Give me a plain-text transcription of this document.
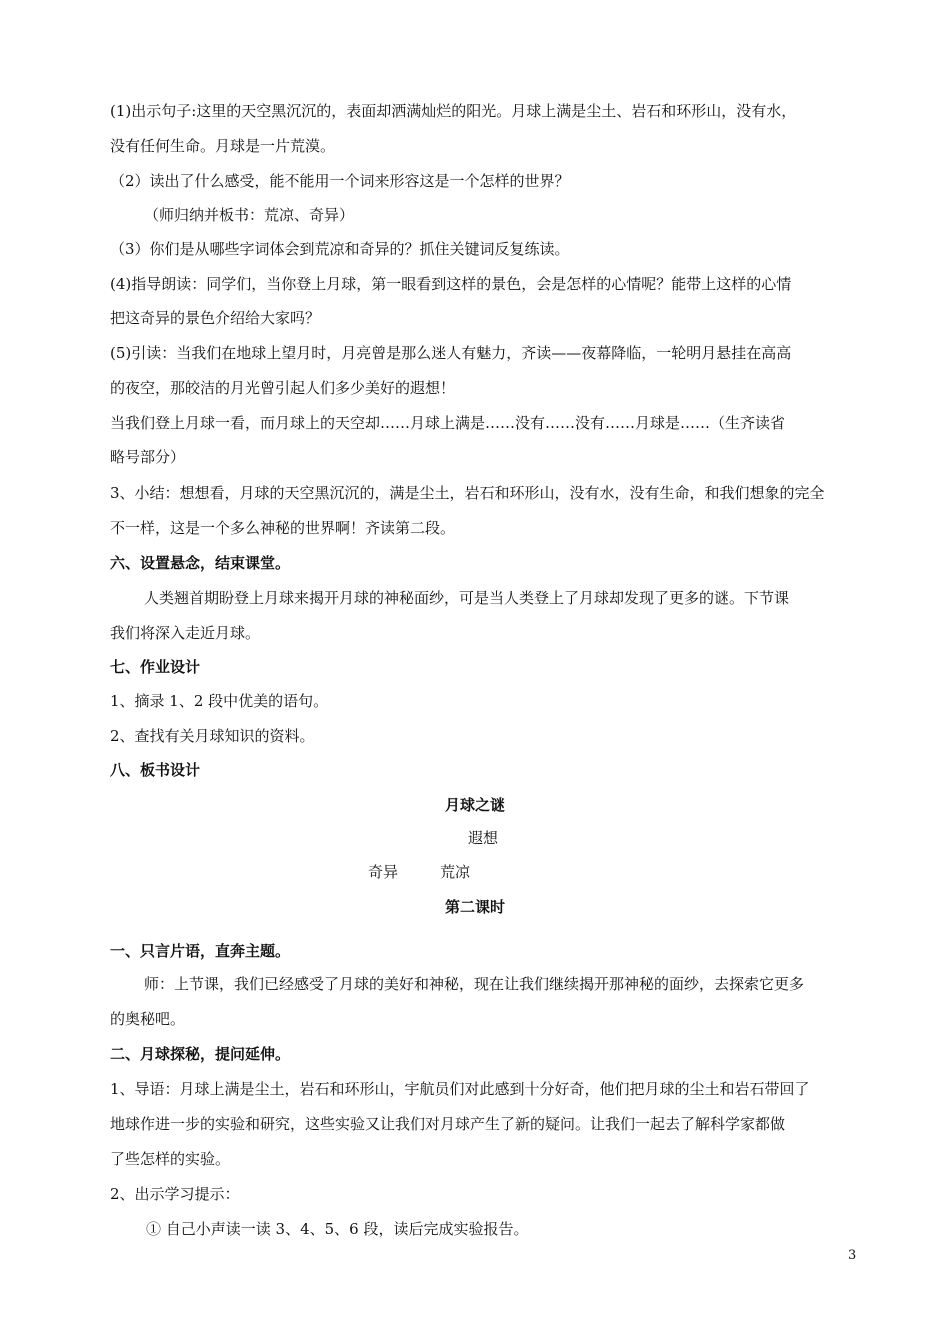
(1)出示句子:这里的天空黑沉沉的，表面却洒满灿烂的阳光。月球上满是尘土、岩石和环形山，没有水，
没有任何生命。月球是一片荒漠。
（2）读出了什么感受，能不能用一个词来形容这是一个怎样的世界？
（师归纳并板书：荒凉、奇异）
（3）你们是从哪些字词体会到荒凉和奇异的？抓住关键词反复练读。
(4)指导朗读：同学们，当你登上月球，第一眼看到这样的景色，会是怎样的心情呢？能带上这样的心情
把这奇异的景色介绍给大家吗？
(5)引读：当我们在地球上望月时，月亮曾是那么迷人有魅力，齐读——夜幕降临，一轮明月悬挂在高高
的夜空，那皎洁的月光曾引起人们多少美好的遐想！
当我们登上月球一看，而月球上的天空却……月球上满是……没有……没有……月球是……（生齐读省
略号部分）
3、小结：想想看，月球的天空黑沉沉的，满是尘土，岩石和环形山，没有水，没有生命，和我们想象的完全
不一样，这是一个多么神秘的世界啊！齐读第二段。
六、设置悬念，结束课堂。
人类翘首期盼登上月球来揭开月球的神秘面纱，可是当人类登上了月球却发现了更多的谜。下节课
我们将深入走近月球。
七、作业设计
1、摘录 1、2 段中优美的语句。
2、查找有关月球知识的资料。
八、板书设计
月球之谜
遐想
奇异	荒凉
第二课时
一、只言片语，直奔主题。
师：上节课，我们已经感受了月球的美好和神秘，现在让我们继续揭开那神秘的面纱，去探索它更多
的奥秘吧。
二、月球探秘，提问延伸。
1、导语：月球上满是尘土，岩石和环形山，宇航员们对此感到十分好奇，他们把月球的尘土和岩石带回了
地球作进一步的实验和研究，这些实验又让我们对月球产生了新的疑问。让我们一起去了解科学家都做
了些怎样的实验。
2、出示学习提示：
① 自己小声读一读 3、4、5、6 段，读后完成实验报告。
3
